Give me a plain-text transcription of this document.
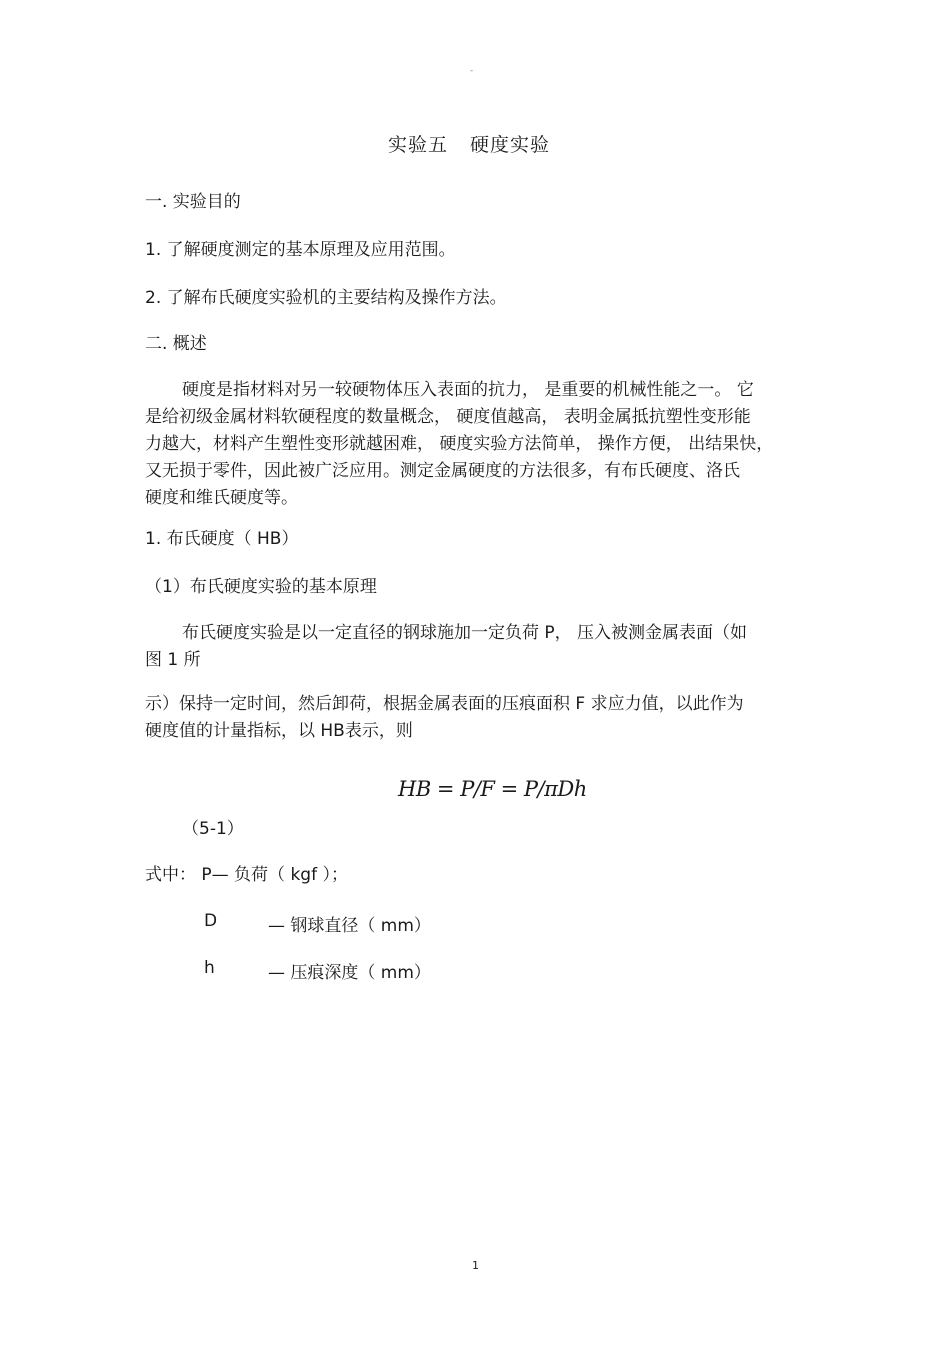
-
实验五 硬度实验

一. 实验目的

1. 了解硬度测定的基本原理及应用范围。

2. 了解布氏硬度实验机的主要结构及操作方法。

二. 概述

硬度是指材料对另一较硬物体压入表面的抗力， 是重要的机械性能之一。 它
是给初级金属材料软硬程度的数量概念， 硬度值越高， 表明金属抵抗塑性变形能
力越大，材料产生塑性变形就越困难， 硬度实验方法简单， 操作方便， 出结果快，
又无损于零件，因此被广泛应用。测定金属硬度的方法很多，有布氏硬度、洛氏
硬度和维氏硬度等。

1. 布氏硬度（ HB）

（1）布氏硬度实验的基本原理

布氏硬度实验是以一定直径的钢球施加一定负荷 P， 压入被测金属表面（如
图 1 所
示）保持一定时间，然后卸荷，根据金属表面的压痕面积 F 求应力值，以此作为
硬度值的计量指标，以 HB表示，则
HB = P/F = P/πDh

（5-1）

式中： P— 负荷（ kgf ）；

D	— 钢球直径（ mm）
h	— 压痕深度（ mm）
1
